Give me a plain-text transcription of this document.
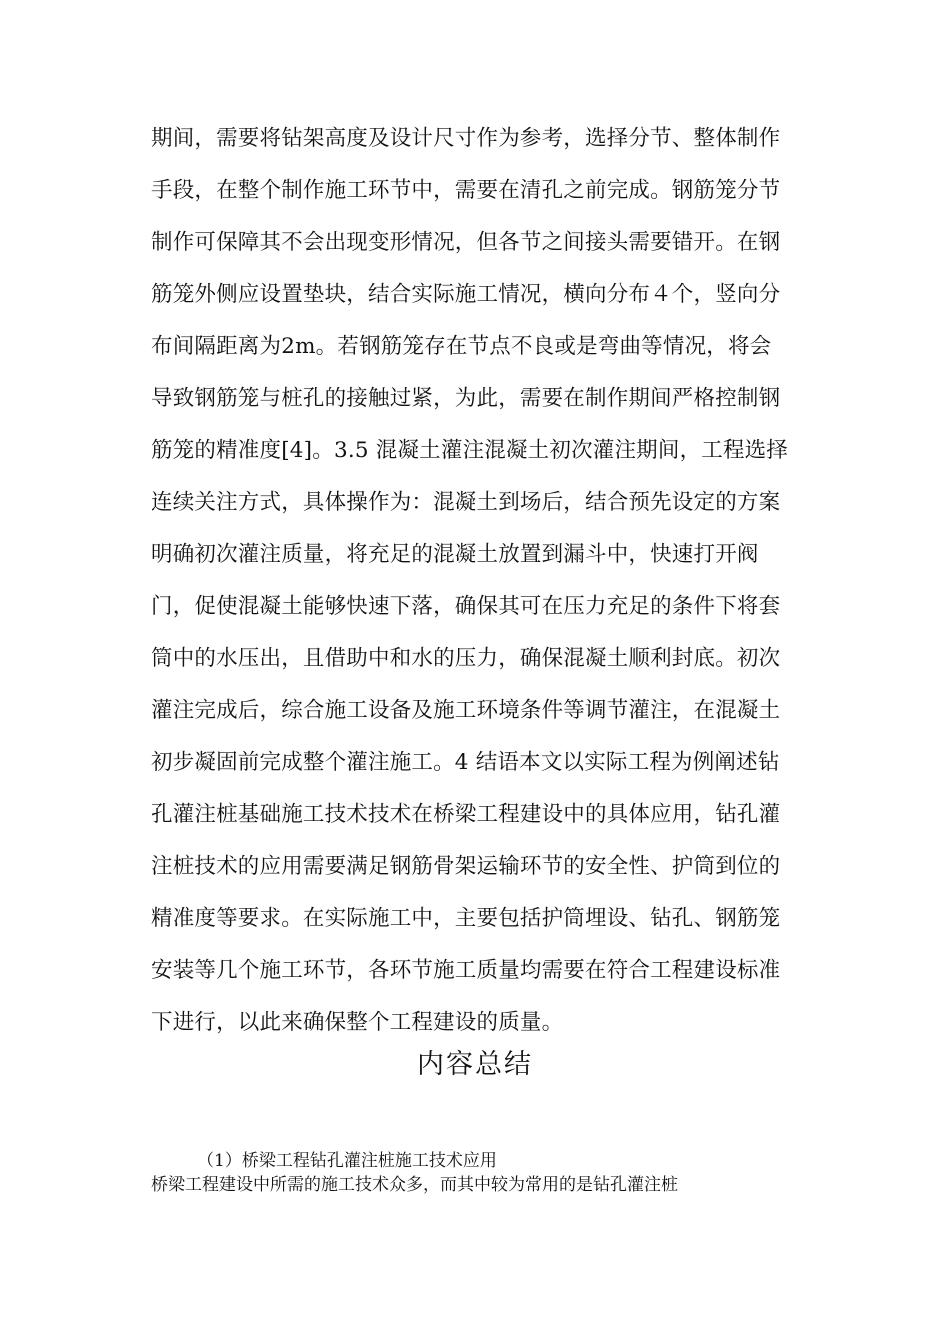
期间，需要将钻架高度及设计尺寸作为参考，选择分节、整体制作
手段，在整个制作施工环节中，需要在清孔之前完成。钢筋笼分节
制作可保障其不会出现变形情况，但各节之间接头需要错开。在钢
筋笼外侧应设置垫块，结合实际施工情况，横向分布４个，竖向分
布间隔距离为2m。若钢筋笼存在节点不良或是弯曲等情况，将会
导致钢筋笼与桩孔的接触过紧，为此，需要在制作期间严格控制钢
筋笼的精准度[4]。3.5 混凝土灌注混凝土初次灌注期间，工程选择
连续关注方式，具体操作为：混凝土到场后，结合预先设定的方案
明确初次灌注质量，将充足的混凝土放置到漏斗中，快速打开阀
门，促使混凝土能够快速下落，确保其可在压力充足的条件下将套
筒中的水压出，且借助中和水的压力，确保混凝土顺利封底。初次
灌注完成后，综合施工设备及施工环境条件等调节灌注，在混凝土
初步凝固前完成整个灌注施工。4 结语本文以实际工程为例阐述钻
孔灌注桩基础施工技术技术在桥梁工程建设中的具体应用，钻孔灌
注桩技术的应用需要满足钢筋骨架运输环节的安全性、护筒到位的
精准度等要求。在实际施工中，主要包括护筒埋设、钻孔、钢筋笼
安装等几个施工环节，各环节施工质量均需要在符合工程建设标准
下进行，以此来确保整个工程建设的质量。
内容总结
（1）桥梁工程钻孔灌注桩施工技术应用
桥梁工程建设中所需的施工技术众多，而其中较为常用的是钻孔灌注桩
